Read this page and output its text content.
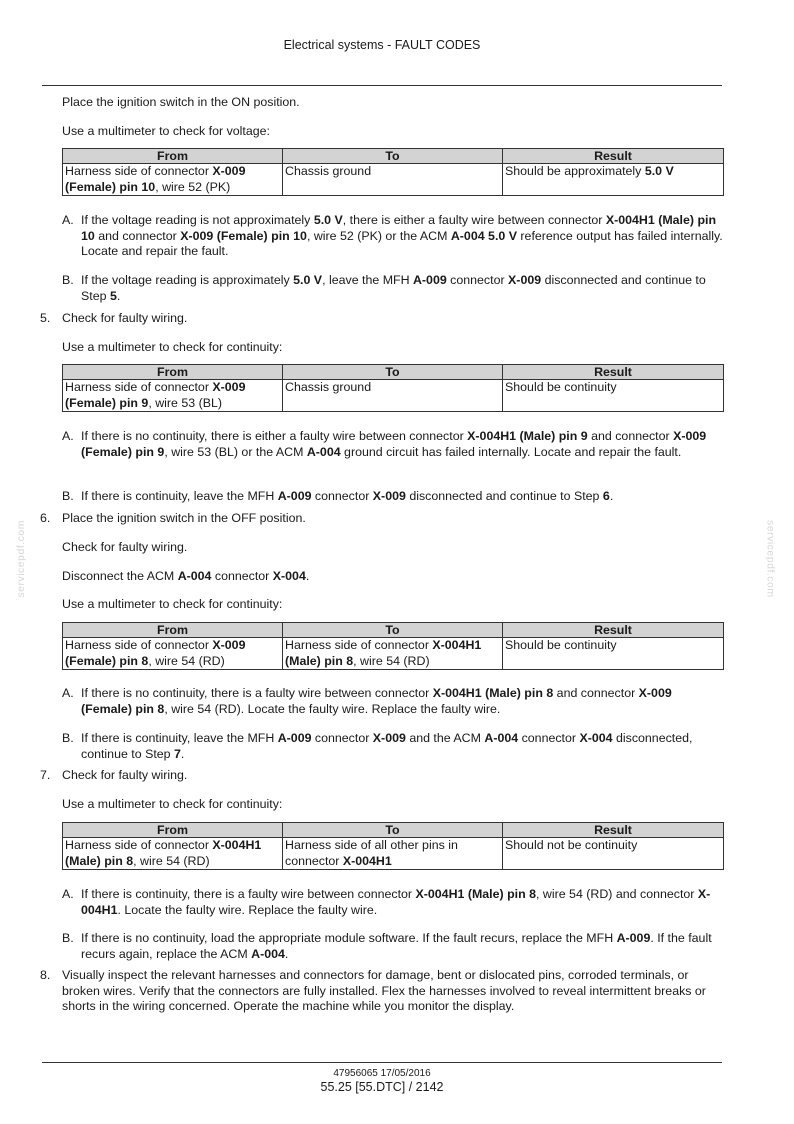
Electrical systems - FAULT CODES
Place the ignition switch in the ON position.
Use a multimeter to check for voltage:
From	To	Result
Harness side of connector X-009
(Female) pin 10, wire 52 (PK)	Chassis ground	Should be approximately 5.0 V
A. If the voltage reading is not approximately 5.0 V, there is either a faulty wire between connector X-004H1 (Male) pin 10 and connector X-009 (Female) pin 10, wire 52 (PK) or the ACM A-004 5.0 V reference output has failed internally. Locate and repair the fault.
B. If the voltage reading is approximately 5.0 V, leave the MFH A-009 connector X-009 disconnected and continue to Step 5.
5. Check for faulty wiring.
Use a multimeter to check for continuity:
From	To	Result
Harness side of connector X-009
(Female) pin 9, wire 53 (BL)	Chassis ground	Should be continuity
A. If there is no continuity, there is either a faulty wire between connector X-004H1 (Male) pin 9 and connector X-009 (Female) pin 9, wire 53 (BL) or the ACM A-004 ground circuit has failed internally. Locate and repair the fault.
B. If there is continuity, leave the MFH A-009 connector X-009 disconnected and continue to Step 6.
6. Place the ignition switch in the OFF position.
Check for faulty wiring.
Disconnect the ACM A-004 connector X-004.
Use a multimeter to check for continuity:
From	To	Result
Harness side of connector X-009
(Female) pin 8, wire 54 (RD)	Harness side of connector X-004H1
(Male) pin 8, wire 54 (RD)	Should be continuity
A. If there is no continuity, there is a faulty wire between connector X-004H1 (Male) pin 8 and connector X-009 (Female) pin 8, wire 54 (RD). Locate the faulty wire. Replace the faulty wire.
B. If there is continuity, leave the MFH A-009 connector X-009 and the ACM A-004 connector X-004 disconnected, continue to Step 7.
7. Check for faulty wiring.
Use a multimeter to check for continuity:
From	To	Result
Harness side of connector X-004H1
(Male) pin 8, wire 54 (RD)	Harness side of all other pins in connector X-004H1	Should not be continuity
A. If there is continuity, there is a faulty wire between connector X-004H1 (Male) pin 8, wire 54 (RD) and connector X-004H1. Locate the faulty wire. Replace the faulty wire.
B. If there is no continuity, load the appropriate module software. If the fault recurs, replace the MFH A-009. If the fault recurs again, replace the ACM A-004.
8. Visually inspect the relevant harnesses and connectors for damage, bent or dislocated pins, corroded terminals, or broken wires. Verify that the connectors are fully installed. Flex the harnesses involved to reveal intermittent breaks or shorts in the wiring concerned. Operate the machine while you monitor the display.
servicepdf.com	servicepdf.com
47956065 17/05/2016
55.25 [55.DTC] / 2142
